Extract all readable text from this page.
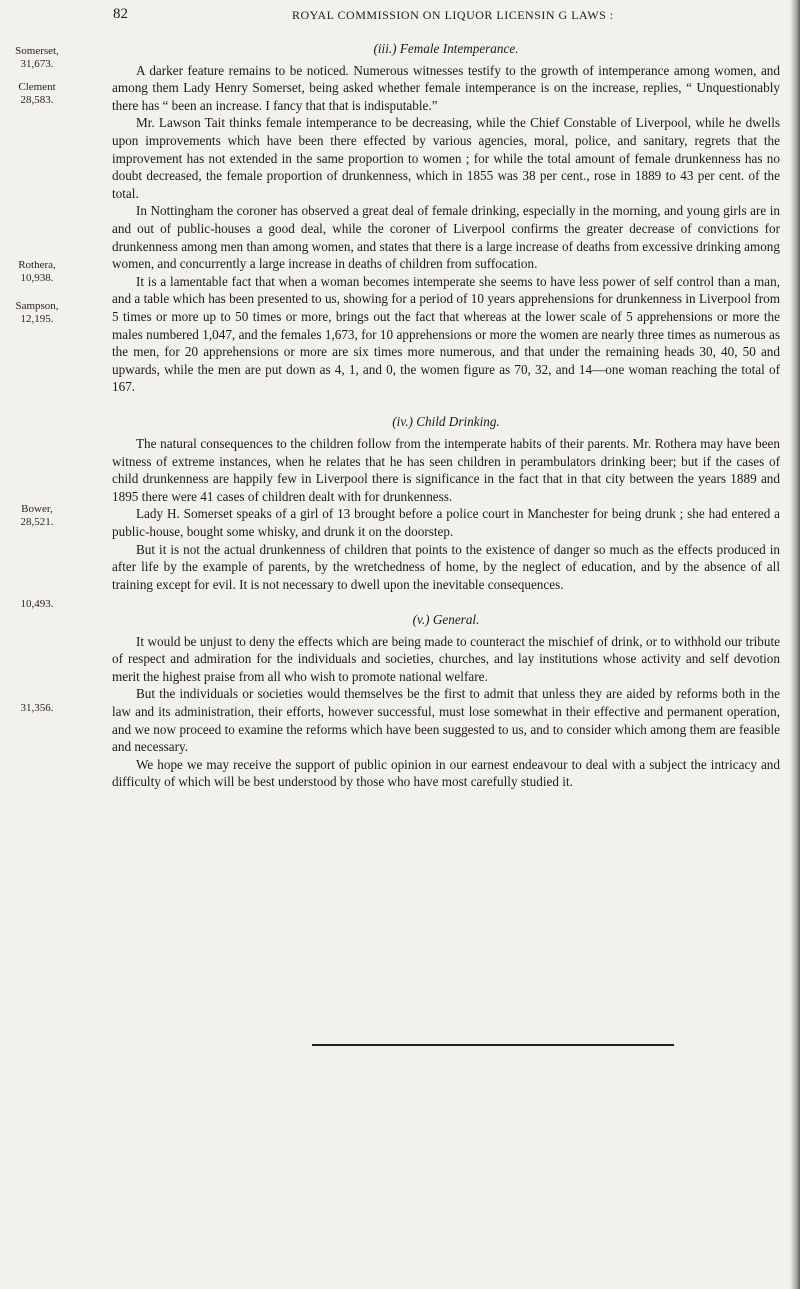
82	ROYAL COMMISSION ON LIQUOR LICENSIN G LAWS :
Somerset,
31,673.
Clement
28,583.
Rothera,
10,938.
Sampson,
12,195.
Bower,
28,521.
10,493.
31,356.
(iii.) Female Intemperance.

A darker feature remains to be noticed. Numerous witnesses testify to the growth of intemperance among women, and among them Lady Henry Somerset, being asked whether female intemperance is on the increase, replies, “ Unquestionably there has “ been an increase. I fancy that that is indisputable.”

Mr. Lawson Tait thinks female intemperance to be decreasing, while the Chief Constable of Liverpool, while he dwells upon improvements which have been there effected by various agencies, moral, police, and sanitary, regrets that the improvement has not extended in the same proportion to women ; for while the total amount of female drunkenness has no doubt decreased, the female proportion of drunkenness, which in 1855 was 38 per cent., rose in 1889 to 43 per cent. of the total.

In Nottingham the coroner has observed a great deal of female drinking, especially in the morning, and young girls are in and out of public-houses a good deal, while the coroner of Liverpool confirms the greater decrease of convictions for drunkenness among men than among women, and states that there is a large increase of deaths from excessive drinking among women, and concurrently a large increase in deaths of children from suffocation.

It is a lamentable fact that when a woman becomes intemperate she seems to have less power of self control than a man, and a table which has been presented to us, showing for a period of 10 years apprehensions for drunkenness in Liverpool from 5 times or more up to 50 times or more, brings out the fact that whereas at the lower scale of 5 apprehensions or more the males numbered 1,047, and the females 1,673, for 10 apprehensions or more the women are nearly three times as numerous as the men, for 20 apprehensions or more are six times more numerous, and that under the remaining heads 30, 40, 50 and upwards, while the men are put down as 4, 1, and 0, the women figure as 70, 32, and 14—one woman reaching the total of 167.

(iv.) Child Drinking.

The natural consequences to the children follow from the intemperate habits of their parents. Mr. Rothera may have been witness of extreme instances, when he relates that he has seen children in perambulators drinking beer; but if the cases of child drunkenness are happily few in Liverpool there is significance in the fact that in that city between the years 1889 and 1895 there were 41 cases of children dealt with for drunkenness.

Lady H. Somerset speaks of a girl of 13 brought before a police court in Manchester for being drunk ; she had entered a public-house, bought some whisky, and drunk it on the doorstep.

But it is not the actual drunkenness of children that points to the existence of danger so much as the effects produced in after life by the example of parents, by the wretchedness of home, by the neglect of education, and by the absence of all training except for evil. It is not necessary to dwell upon the inevitable consequences.

(v.) General.

It would be unjust to deny the effects which are being made to counteract the mischief of drink, or to withhold our tribute of respect and admiration for the individuals and societies, churches, and lay institutions whose activity and self devotion merit the highest praise from all who wish to promote national welfare.

But the individuals or societies would themselves be the first to admit that unless they are aided by reforms both in the law and its administration, their efforts, however successful, must lose somewhat in their effective and permanent operation, and we now proceed to examine the reforms which have been suggested to us, and to consider which among them are feasible and necessary.

We hope we may receive the support of public opinion in our earnest endeavour to deal with a subject the intricacy and difficulty of which will be best understood by those who have most carefully studied it.
